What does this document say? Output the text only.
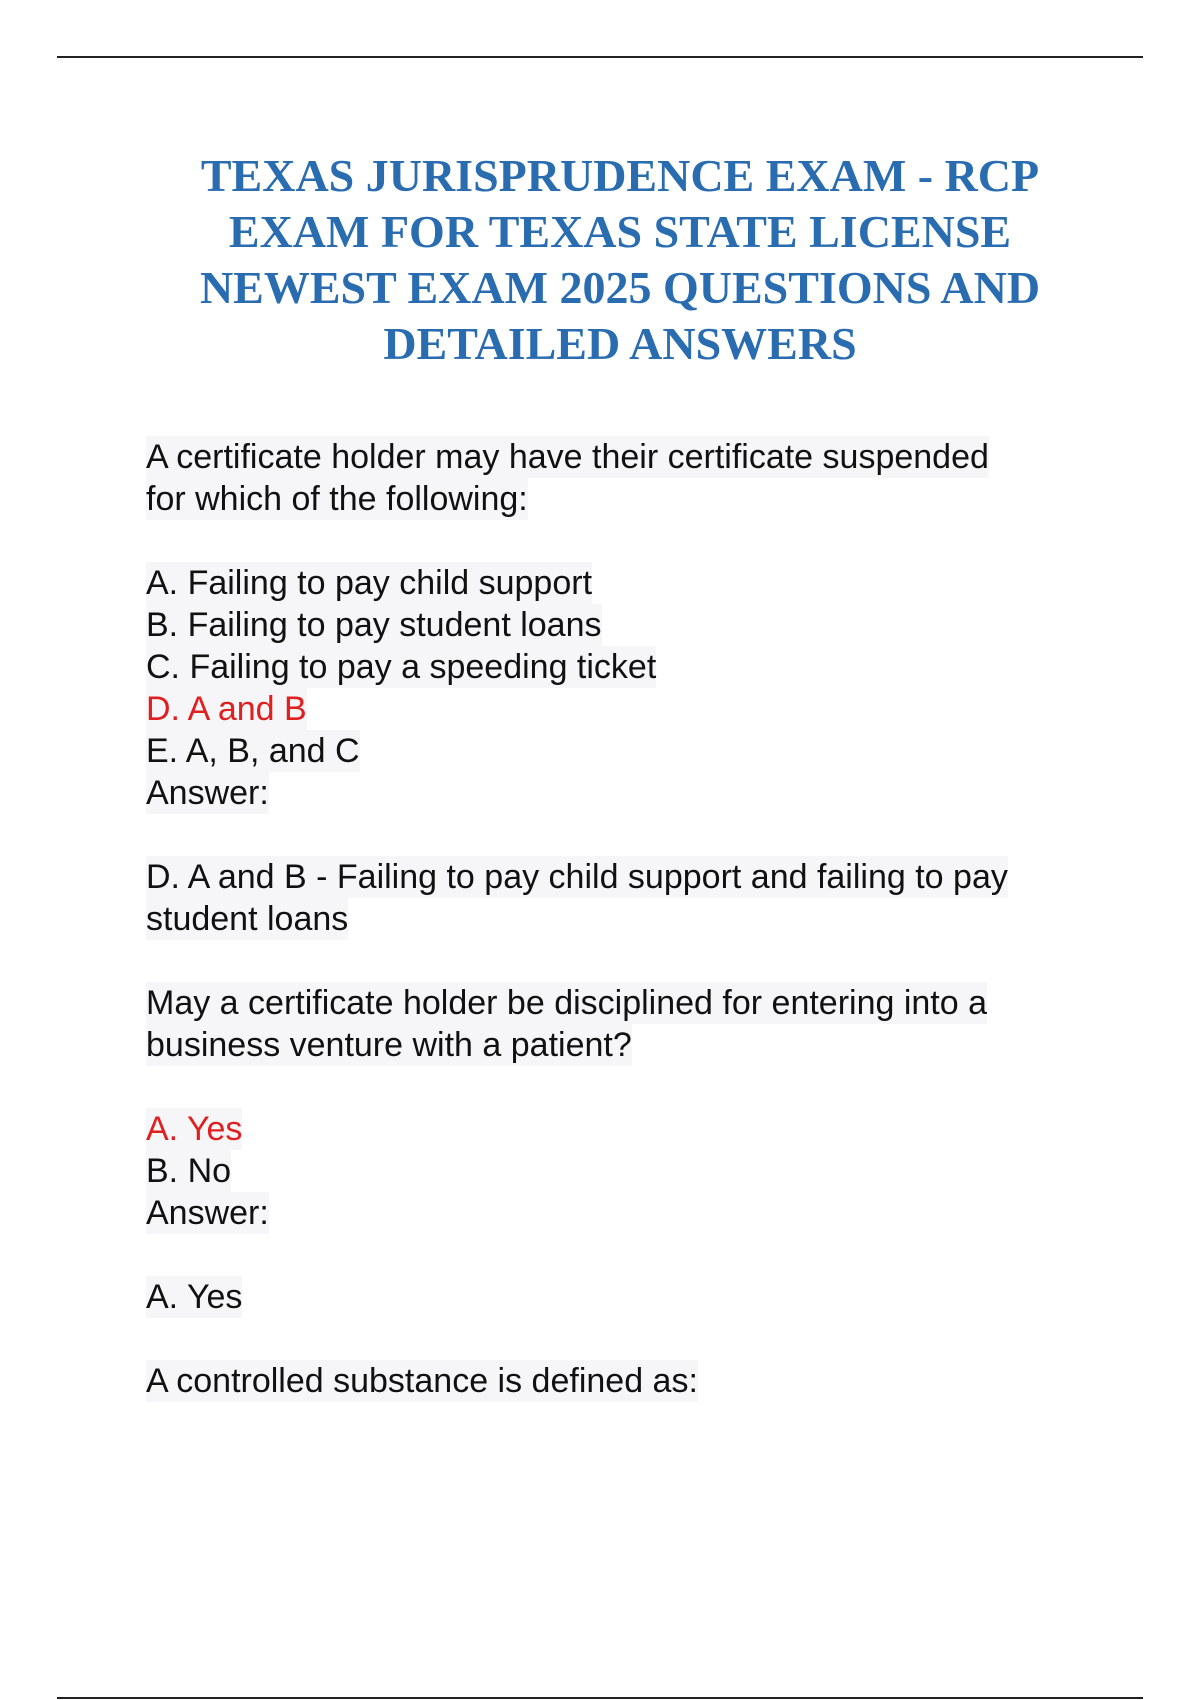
TEXAS JURISPRUDENCE EXAM - RCP
EXAM FOR TEXAS STATE LICENSE
NEWEST EXAM 2025 QUESTIONS AND
DETAILED ANSWERS
A certificate holder may have their certificate suspended
for which of the following:
A. Failing to pay child support
B. Failing to pay student loans
C. Failing to pay a speeding ticket
D. A and B
E. A, B, and C
Answer:
D. A and B - Failing to pay child support and failing to pay
student loans
May a certificate holder be disciplined for entering into a
business venture with a patient?
A. Yes
B. No
Answer:
A. Yes
A controlled substance is defined as:
